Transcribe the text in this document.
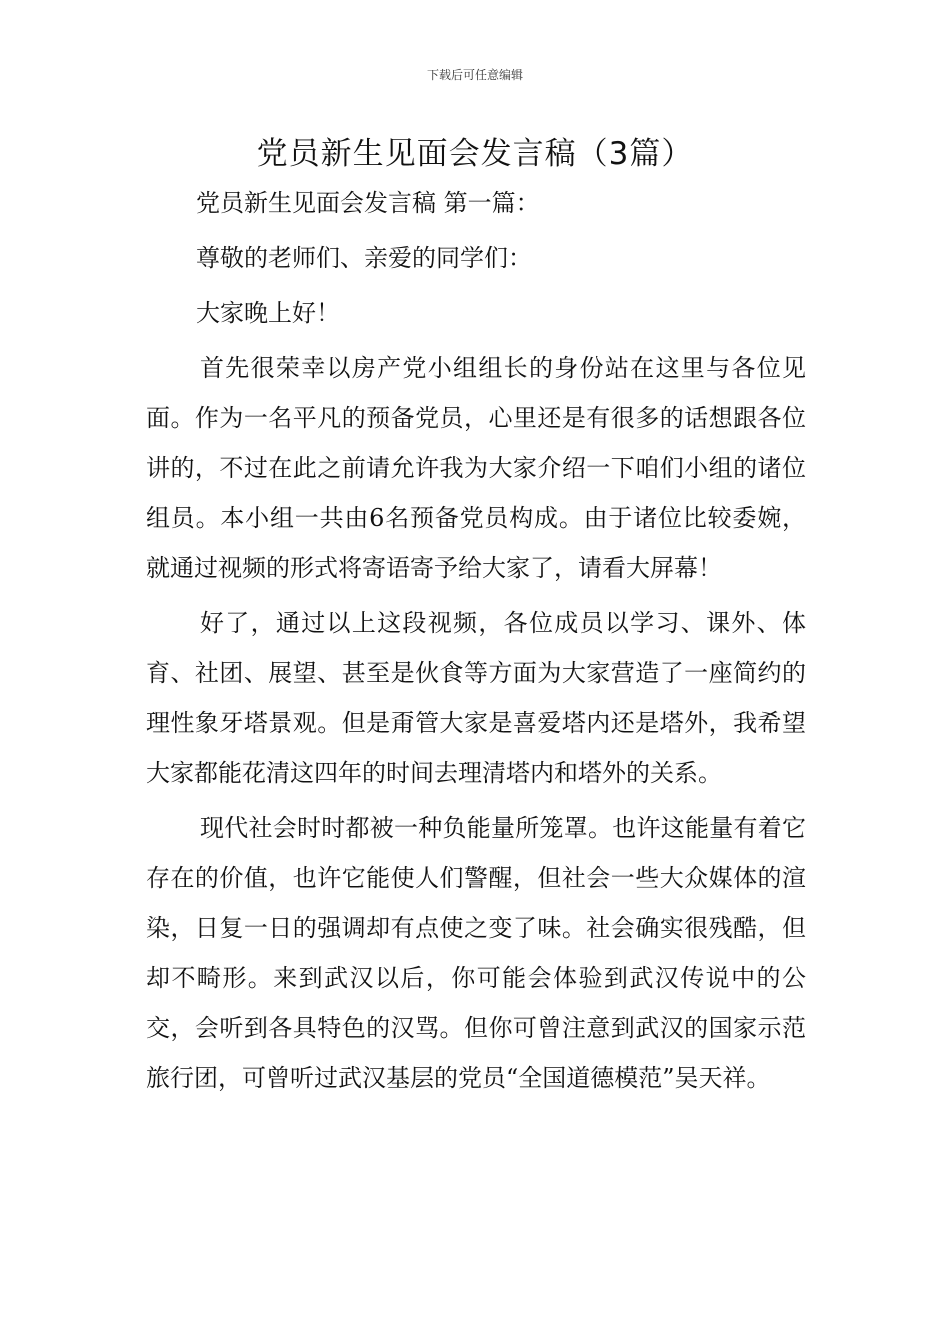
下载后可任意编辑
党员新生见面会发言稿（3篇）

党员新生见面会发言稿 第一篇：

尊敬的老师们、亲爱的同学们：

大家晚上好！

首先很荣幸以房产党小组组长的身份站在这里与各位见面。作为一名平凡的预备党员，心里还是有很多的话想跟各位讲的，不过在此之前请允许我为大家介绍一下咱们小组的诸位组员。本小组一共由6名预备党员构成。由于诸位比较委婉，就通过视频的形式将寄语寄予给大家了，请看大屏幕！

好了，通过以上这段视频，各位成员以学习、课外、体育、社团、展望、甚至是伙食等方面为大家营造了一座简约的理性象牙塔景观。但是甭管大家是喜爱塔内还是塔外，我希望大家都能花清这四年的时间去理清塔内和塔外的关系。

现代社会时时都被一种负能量所笼罩。也许这能量有着它存在的价值，也许它能使人们警醒，但社会一些大众媒体的渲染，日复一日的强调却有点使之变了味。社会确实很残酷，但却不畸形。来到武汉以后，你可能会体验到武汉传说中的公交，会听到各具特色的汉骂。但你可曾注意到武汉的国家示范旅行团，可曾听过武汉基层的党员“全国道德模范”吴天祥。
